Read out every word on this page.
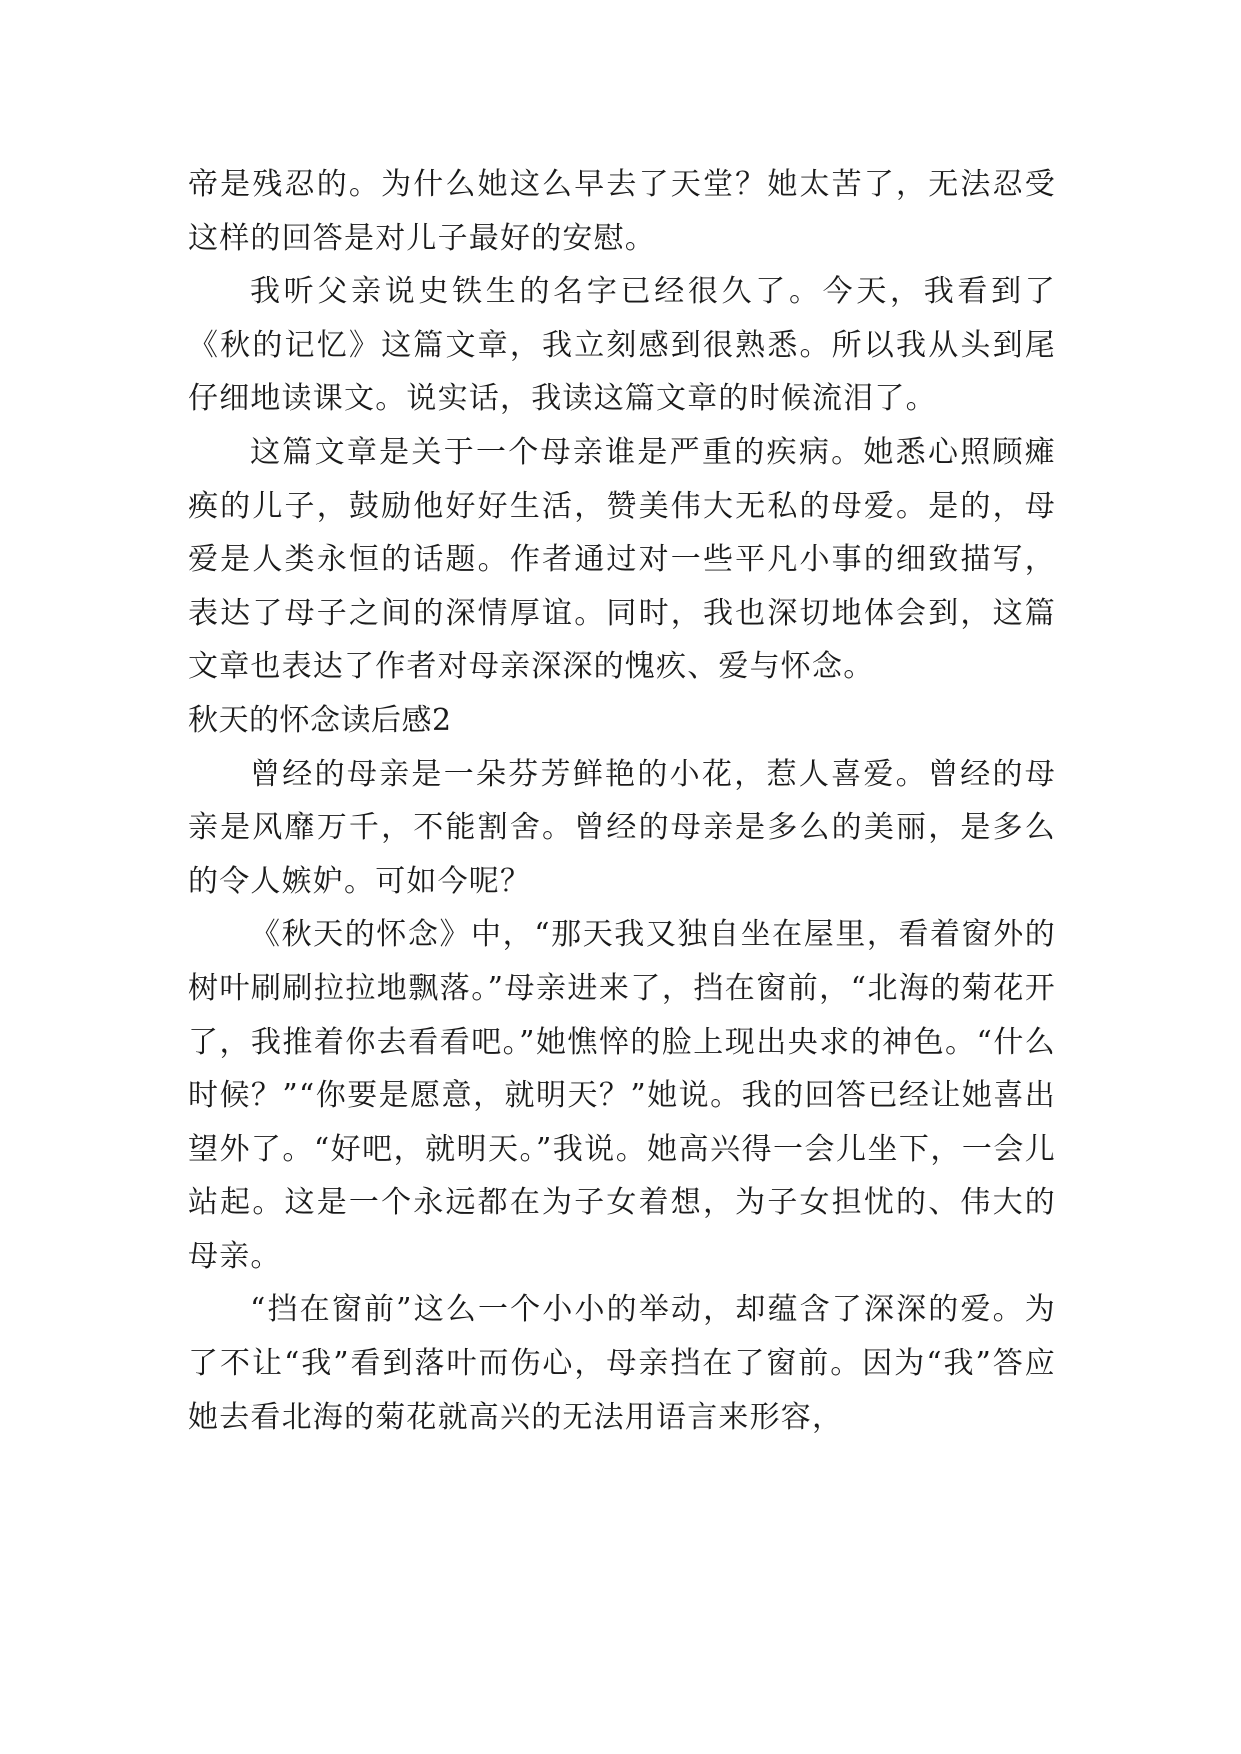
帝是残忍的。为什么她这么早去了天堂？她太苦了，无法忍受这样的回答是对儿子最好的安慰。

我听父亲说史铁生的名字已经很久了。今天，我看到了《秋的记忆》这篇文章，我立刻感到很熟悉。所以我从头到尾仔细地读课文。说实话，我读这篇文章的时候流泪了。

这篇文章是关于一个母亲谁是严重的疾病。她悉心照顾瘫痪的儿子，鼓励他好好生活，赞美伟大无私的母爱。是的，母爱是人类永恒的话题。作者通过对一些平凡小事的细致描写，表达了母子之间的深情厚谊。同时，我也深切地体会到，这篇文章也表达了作者对母亲深深的愧疚、爱与怀念。

秋天的怀念读后感2

曾经的母亲是一朵芬芳鲜艳的小花，惹人喜爱。曾经的母亲是风靡万千，不能割舍。曾经的母亲是多么的美丽，是多么的令人嫉妒。可如今呢？

《秋天的怀念》中，“那天我又独自坐在屋里，看着窗外的树叶刷刷拉拉地飘落。”母亲进来了，挡在窗前，“北海的菊花开了，我推着你去看看吧。”她憔悴的脸上现出央求的神色。“什么时候？”“你要是愿意，就明天？”她说。我的回答已经让她喜出望外了。“好吧，就明天。”我说。她高兴得一会儿坐下，一会儿站起。这是一个永远都在为子女着想，为子女担忧的、伟大的母亲。

“挡在窗前”这么一个小小的举动，却蕴含了深深的爱。为了不让“我”看到落叶而伤心，母亲挡在了窗前。因为“我”答应她去看北海的菊花就高兴的无法用语言来形容，
